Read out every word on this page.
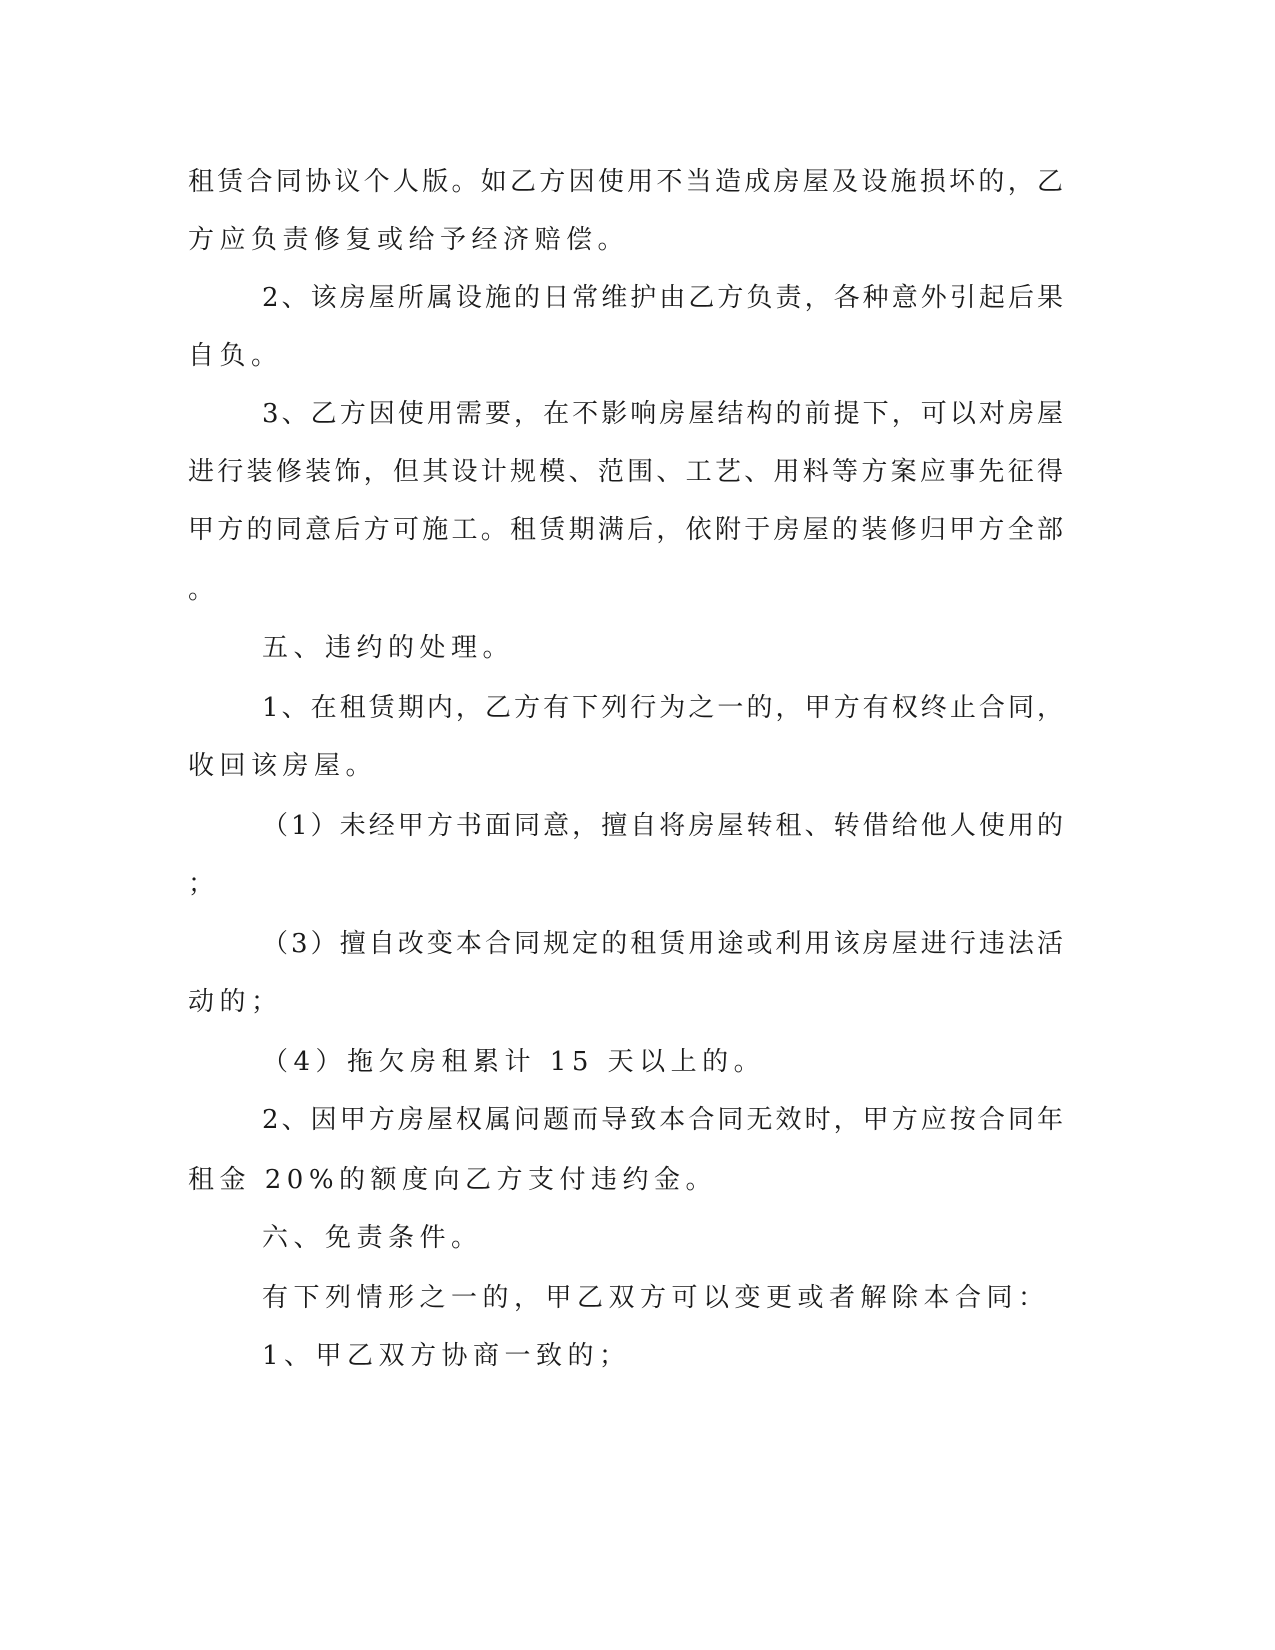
租赁合同协议个人版。如乙方因使用不当造成房屋及设施损坏的，乙
方应负责修复或给予经济赔偿。
2、该房屋所属设施的日常维护由乙方负责，各种意外引起后果
自负。
3、乙方因使用需要，在不影响房屋结构的前提下，可以对房屋
进行装修装饰，但其设计规模、范围、工艺、用料等方案应事先征得
甲方的同意后方可施工。租赁期满后，依附于房屋的装修归甲方全部
。
五、违约的处理。
1、在租赁期内，乙方有下列行为之一的，甲方有权终止合同，
收回该房屋。
（1）未经甲方书面同意，擅自将房屋转租、转借给他人使用的
；
（3）擅自改变本合同规定的租赁用途或利用该房屋进行违法活
动的；
（4）拖欠房租累计 15 天以上的。
2、因甲方房屋权属问题而导致本合同无效时，甲方应按合同年
租金 20%的额度向乙方支付违约金。
六、免责条件。
有下列情形之一的，甲乙双方可以变更或者解除本合同：
1、甲乙双方协商一致的；
